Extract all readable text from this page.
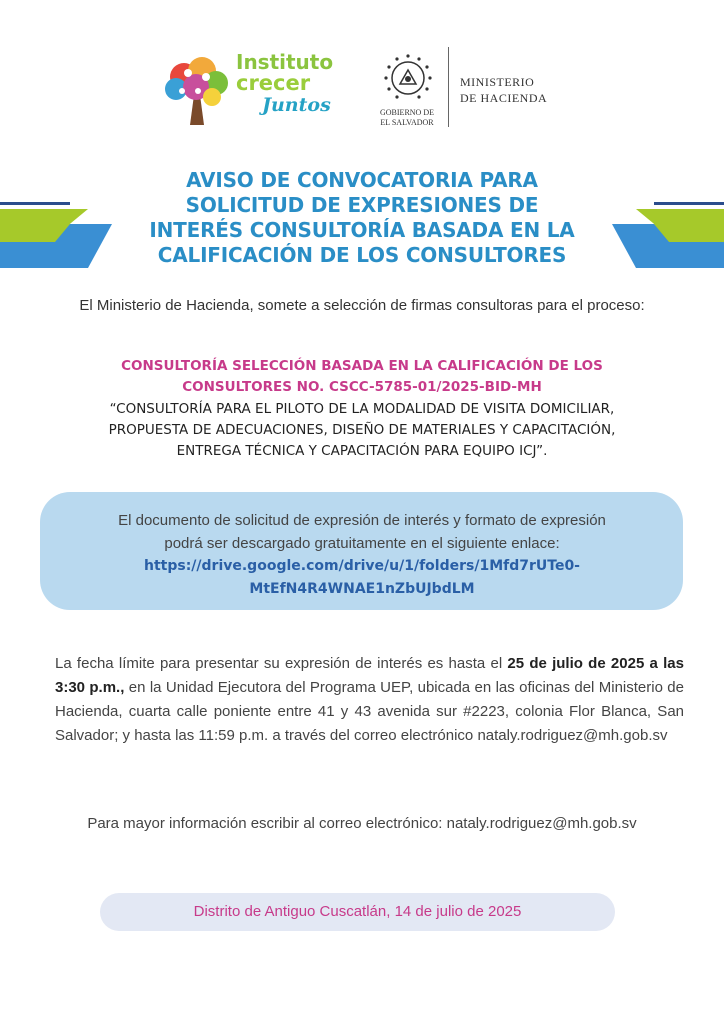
Instituto
crecer
Juntos	GOBIERNO DE
EL SALVADOR
MINISTERIO
DE HACIENDA
AVISO DE CONVOCATORIA PARA
SOLICITUD DE EXPRESIONES DE
INTERÉS CONSULTORÍA BASADA EN LA
CALIFICACIÓN DE LOS CONSULTORES
El Ministerio de Hacienda, somete a selección de firmas consultoras para el proceso:
CONSULTORÍA SELECCIÓN BASADA EN LA CALIFICACIÓN DE LOS
CONSULTORES NO. CSCC-5785-01/2025-BID-MH
“CONSULTORÍA PARA EL PILOTO DE LA MODALIDAD DE VISITA DOMICILIAR,
PROPUESTA DE ADECUACIONES, DISEÑO DE MATERIALES Y CAPACITACIÓN,
ENTREGA TÉCNICA Y CAPACITACIÓN PARA EQUIPO ICJ”.
El documento de solicitud de expresión de interés y formato de expresión
podrá ser descargado gratuitamente en el siguiente enlace:
https://drive.google.com/drive/u/1/folders/1Mfd7rUTe0-
MtEfN4R4WNAE1nZbUJbdLM
La fecha límite para presentar su expresión de interés es hasta el 25 de julio de 2025 a las 3:30 p.m., en la Unidad Ejecutora del Programa UEP, ubicada en las oficinas del Ministerio de Hacienda, cuarta calle poniente entre 41 y 43 avenida sur #2223, colonia Flor Blanca, San Salvador; y hasta las 11:59 p.m. a través del correo electrónico nataly.rodriguez@mh.gob.sv
Para mayor información escribir al correo electrónico: nataly.rodriguez@mh.gob.sv
Distrito de Antiguo Cuscatlán, 14 de julio de 2025
